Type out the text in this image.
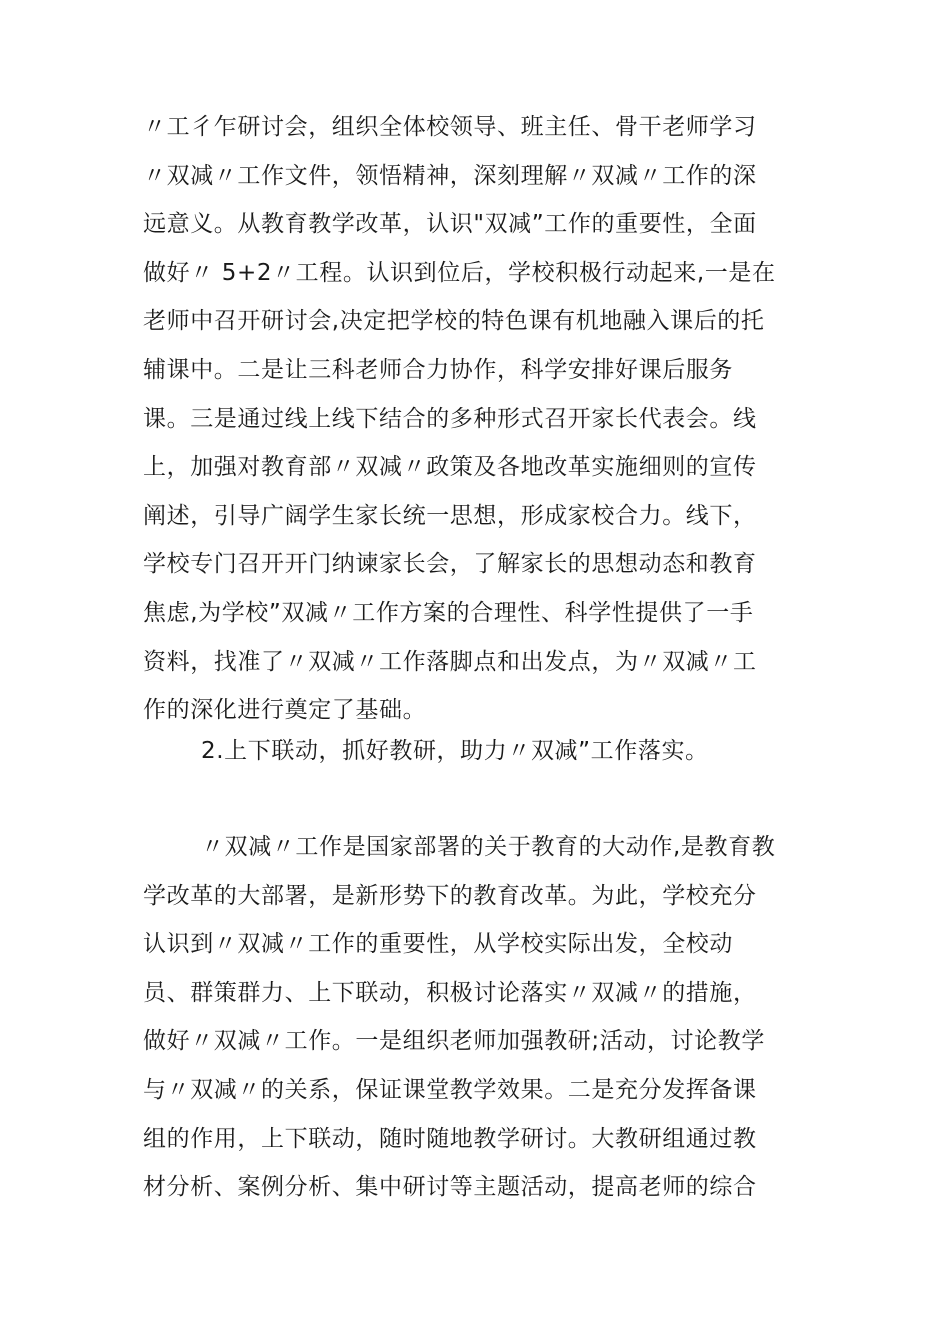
〃工彳乍研讨会，组织全体校领导、班主任、骨干老师学习
〃双减〃工作文件，领悟精神，深刻理解〃双减〃工作的深
远意义。从教育教学改革，认识"双减”工作的重要性，全面
做好〃 5+2〃工程。认识到位后，学校积极行动起来,一是在
老师中召开研讨会,决定把学校的特色课有机地融入课后的托
辅课中。二是让三科老师合力协作，科学安排好课后服务
课。三是通过线上线下结合的多种形式召开家长代表会。线
上，加强对教育部〃双减〃政策及各地改革实施细则的宣传
阐述，引导广阔学生家长统一思想，形成家校合力。线下，
学校专门召开开门纳谏家长会，了解家长的思想动态和教育
焦虑,为学校”双减〃工作方案的合理性、科学性提供了一手
资料，找准了〃双减〃工作落脚点和出发点，为〃双减〃工
作的深化进行奠定了基础。
2.上下联动，抓好教研，助力〃双减”工作落实。
〃双减〃工作是国家部署的关于教育的大动作,是教育教
学改革的大部署，是新形势下的教育改革。为此，学校充分
认识到〃双减〃工作的重要性，从学校实际出发，全校动
员、群策群力、上下联动，积极讨论落实〃双减〃的措施，
做好〃双减〃工作。一是组织老师加强教研;活动，讨论教学
与〃双减〃的关系，保证课堂教学效果。二是充分发挥备课
组的作用，上下联动，随时随地教学研讨。大教研组通过教
材分析、案例分析、集中研讨等主题活动，提高老师的综合
